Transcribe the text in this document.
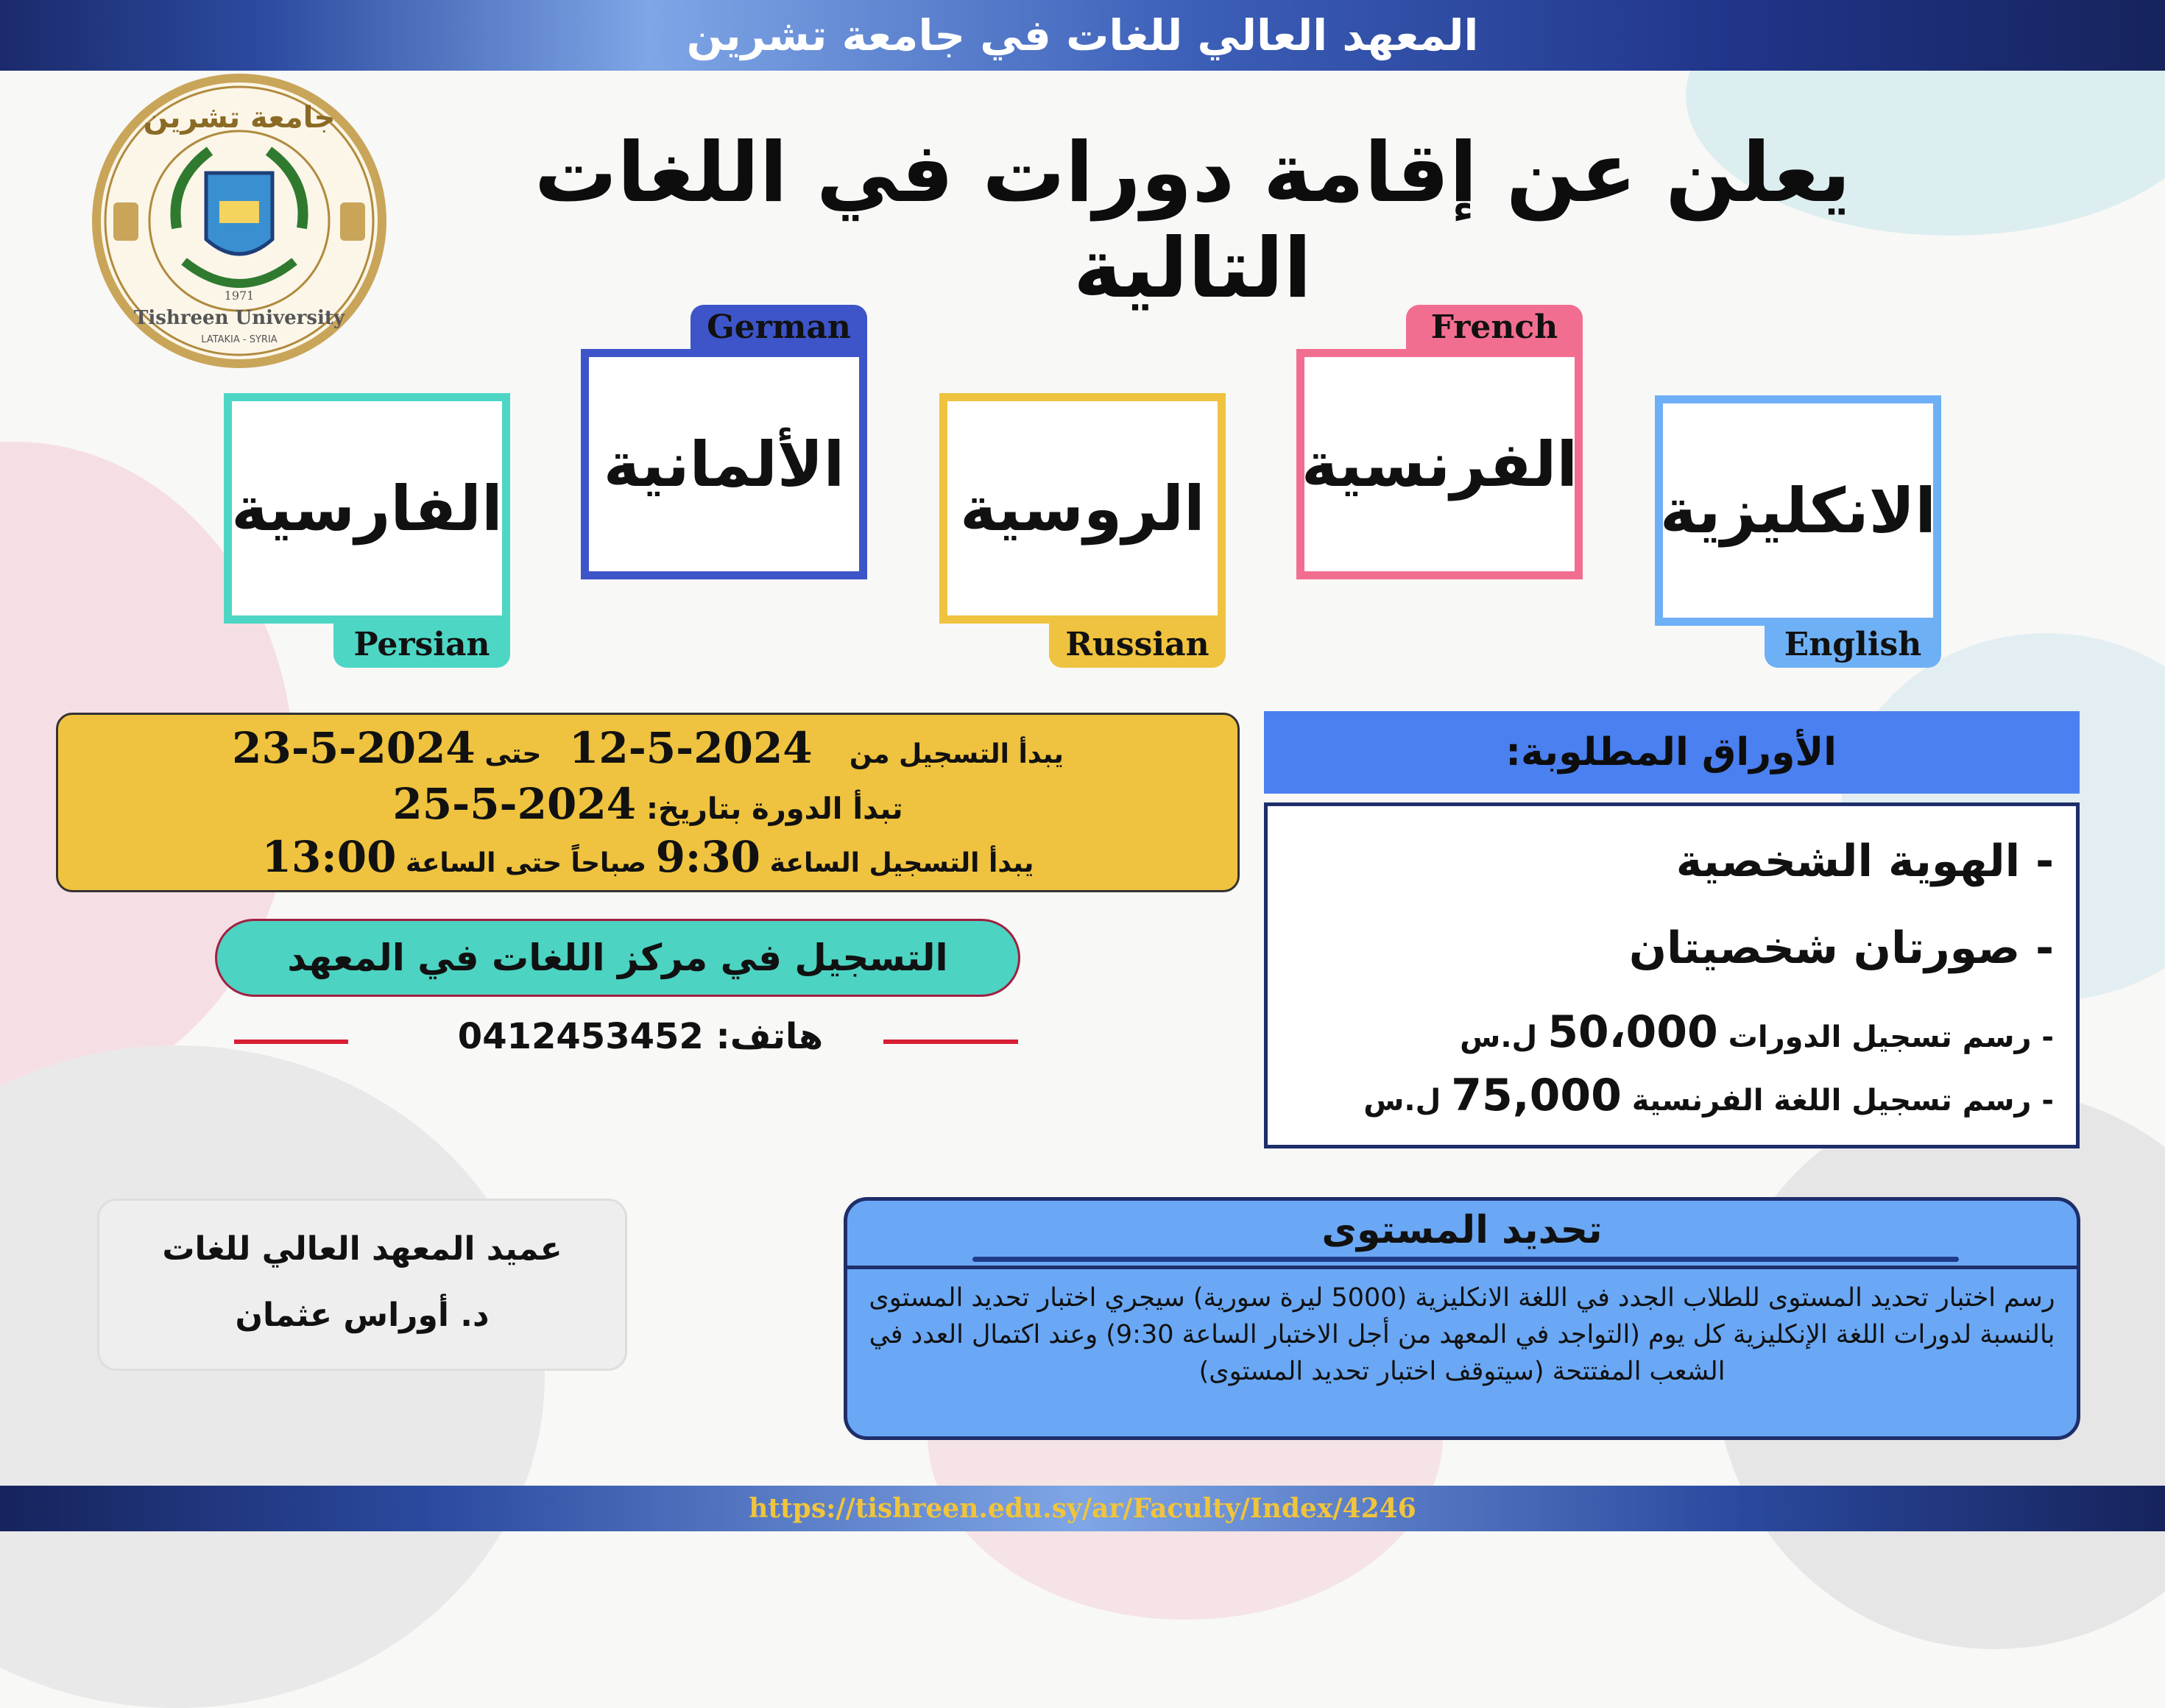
المعهد العالي للغات في جامعة تشرين
جامعة تشرين
1971
Tishreen University
LATAKIA - SYRIA
يعلن عن إقامة دورات في اللغات التالية
الانكليزية
English
French
الفرنسية
الروسية
Russian
German
الألمانية
الفارسية
Persian
يبدأ التسجيل من    2024-5-12   حتى 2024-5-23
تبدأ الدورة بتاريخ: 2024-5-25
يبدأ التسجيل الساعة 9:30 صباحاً حتى الساعة 13:00
التسجيل في مركز اللغات في المعهد
هاتف: 0412453452
الأوراق المطلوبة:
- الهوية الشخصية
- صورتان شخصيتان
- رسم تسجيل الدورات 50،000 ل.س
- رسم تسجيل اللغة الفرنسية 75,000 ل.س
عميد المعهد العالي للغات
د. أوراس عثمان
تحديد المستوى
رسم اختبار تحديد المستوى للطلاب الجدد في اللغة الانكليزية (5000 ليرة سورية) سيجري اختبار تحديد المستوى بالنسبة لدورات اللغة الإنكليزية كل يوم (التواجد في المعهد من أجل الاختبار الساعة 9:30) وعند اكتمال العدد في الشعب المفتتحة (سيتوقف اختبار تحديد المستوى)
https://tishreen.edu.sy/ar/Faculty/Index/4246
